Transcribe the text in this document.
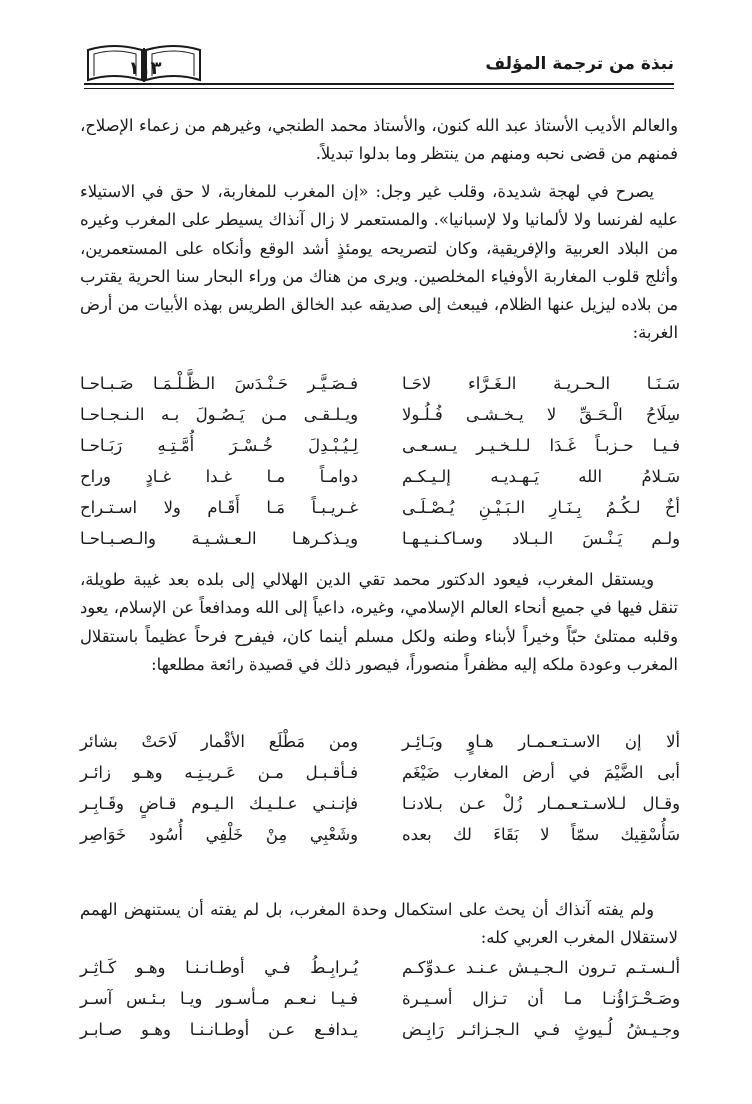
نبذة من ترجمة المؤلف
١١٣
والعالم الأديب الأستاذ عبد الله كنون، والأستاذ محمد الطنجي، وغيرهم من زعماء الإصلاح، فمنهم من قضى نحبه ومنهم من ينتظر وما بدلوا تبديلاً.
يصرح في لهجة شديدة، وقلب غير وجل: «إن المغرب للمغاربة، لا حق في الاستيلاء عليه لفرنسا ولا لألمانيا ولا لإسبانيا». والمستعمر لا زال آنذاك يسيطر على المغرب وغيره من البلاد العربية والإفريقية، وكان لتصريحه يومئذٍ أشد الوقع وأنكاه على المستعمرين، وأثلج قلوب المغاربة الأوفياء المخلصين. ويرى من هناك من وراء البحار سنا الحرية يقترب من بلاده ليزيل عنها الظلام، فيبعث إلى صديقه عبد الخالق الطريس بهذه الأبيات من أرض الغربة:
سَـنَـا الـحـريـة الـغَـرَّاء لاحَـا
فـصَـيَّـر حَـنْـدَسَ الـظَّـلْـمَـا صَـبـاحـا
سِلَاحُ الْـحَـقِّ لا يـخـشـى فُـلُـولا
ويـلـقـى مـن يَـصُـولَ بـه الـنـجـاحـا
فـيـا حـزبـاً غَـدَا لـلـخـيـر يـسـعـى
لِـيُـبْـدِلَ خُـسْـرَ أُمَّـتِـهِ رَبَـاحـا
سَـلامُ الله يَـهـديـه إلـيـكـم
دوامـاً مـا غـدا غـادٍ وراح
أخٌ لـكُـمُ بِـنَـارِ الـبَـيْـنِ يُـصْـلَـى
غـريـبـاً مَـا أَقَـام ولا اسـتـراح
ولـم يَـنْـسَ الـبـلاد وسـاكـنـيـهـا
ويـذكـرهـا الـعـشـيـة والـصـبـاحـا
ويستقل المغرب، فيعود الدكتور محمد تقي الدين الهلالي إلى بلده بعد غيبة طويلة، تنقل فيها في جميع أنحاء العالم الإسلامي، وغيره، داعياً إلى الله ومدافعاً عن الإسلام، يعود وقلبه ممتلئ حبّاً وخيراً لأبناء وطنه ولكل مسلم أينما كان، فيفرح فرحاً عظيماً باستقلال المغرب وعودة ملكه إليه مظفراً منصوراً، فيصور ذلك في قصيدة رائعة مطلعها:
ألا إن الاسـتـعـمـار هـاوٍ وبَـائِـر
ومن مَطْلَع الأقْمار لَاحَتْ بشائر
أبى الضَّيْمَ في أرض المغارب ضَيْغَم
فـأقـبـل مـن عَـريـنِـه وهـو زائـر
وقـال لـلاسـتـعـمـار زُلْ عـن بـلادنـا
فإنـنـي عـلـيـك الـيـوم قـاضٍ وقَـابِـر
سَأُسْقِيك سمّاً لا بَقَاءَ لك بعده
وشَعْبِي مِنْ خَلْفِي أُسُود خَوَاصِر
ولم يفته آنذاك أن يحث على استكمال وحدة المغرب، بل لم يفته أن يستنهض الهمم لاستقلال المغرب العربي كله:
ألـسـتـم تـرون الـجـيـش عـنـد عـدوِّكـم
يُـرابِـطُ فـي أوطـانـنـا وهـو كَـاثِـر
وصَـحْـرَاؤُنـا مـا أن تـزال أسـيـرة
فـيـا نـعـم مـأسـور ويـا بـئـس آسـر
وجـيـشُ لُـيوثٍ فـي الـجـزائـر رَابِـض
يـدافـع عـن أوطـانـنـا وهـو صـابـر
